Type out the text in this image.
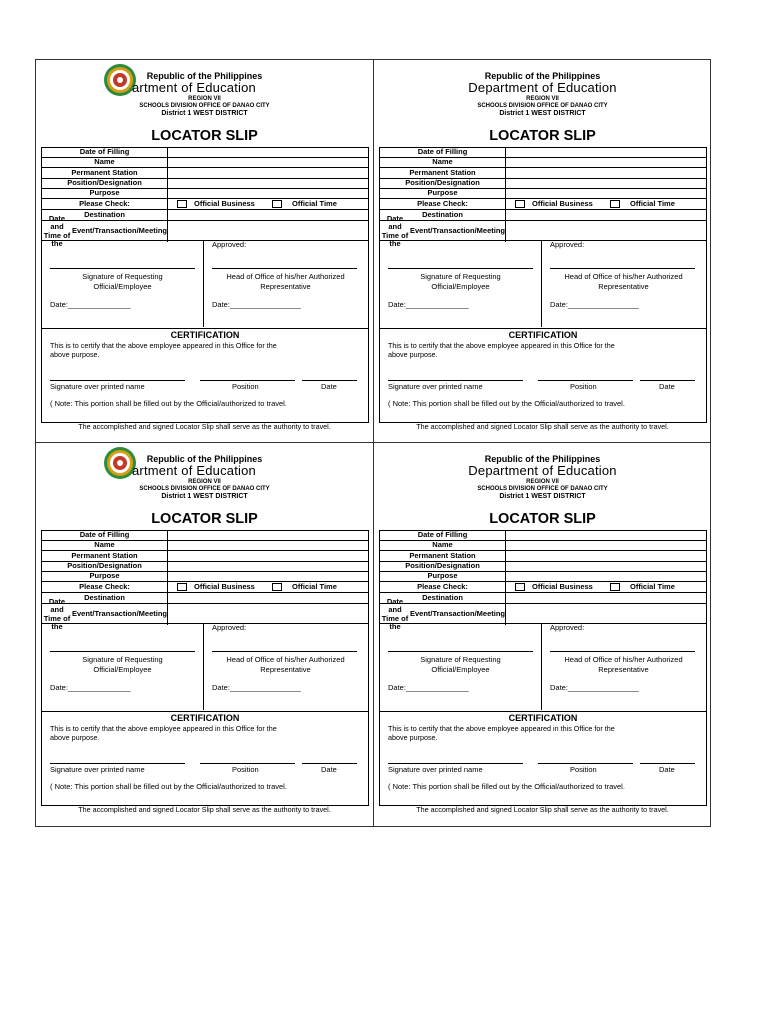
Republic of the Philippines
artment of Education
REGION VII
SCHOOLS DIVISION OFFICE OF DANAO CITY
District 1 WEST DISTRICT
LOCATOR SLIP
Date of Filling
Name
Permanent Station
Position/Designation
Purpose
Please Check:	Official Business	Official Time
Destination
Date and Time of the

Event/Transaction/Meeting
Approved:
Signature of Requesting
Official/Employee
Head of Office of his/her Authorized
Representative
Date:_______________	Date:_________________
CERTIFICATION
This is to certify that the above employee appeared in this Office for the
above purpose.
Signature over printed name	Position	Date
( Note: This portion shall be filled out by the Official/authorized to travel.
The accomplished and signed Locator Slip shall serve as the authority to travel.
Republic of the Philippines
Department of Education
REGION VII
SCHOOLS DIVISION OFFICE OF DANAO CITY
District 1 WEST DISTRICT
LOCATOR SLIP
Date of Filling
Name
Permanent Station
Position/Designation
Purpose
Please Check:	Official Business	Official Time
Destination
Date and Time of the

Event/Transaction/Meeting
Approved:
Signature of Requesting
Official/Employee
Head of Office of his/her Authorized
Representative
Date:_______________	Date:_________________
CERTIFICATION
This is to certify that the above employee appeared in this Office for the
above purpose.
Signature over printed name	Position	Date
( Note: This portion shall be filled out by the Official/authorized to travel.
The accomplished and signed Locator Slip shall serve as the authority to travel.
Republic of the Philippines
artment of Education
REGION VII
SCHOOLS DIVISION OFFICE OF DANAO CITY
District 1 WEST DISTRICT
LOCATOR SLIP
Date of Filling
Name
Permanent Station
Position/Designation
Purpose
Please Check:	Official Business	Official Time
Destination
Date and Time of the

Event/Transaction/Meeting
Approved:
Signature of Requesting
Official/Employee
Head of Office of his/her Authorized
Representative
Date:_______________	Date:_________________
CERTIFICATION
This is to certify that the above employee appeared in this Office for the
above purpose.
Signature over printed name	Position	Date
( Note: This portion shall be filled out by the Official/authorized to travel.
The accomplished and signed Locator Slip shall serve as the authority to travel.
Republic of the Philippines
Department of Education
REGION VII
SCHOOLS DIVISION OFFICE OF DANAO CITY
District 1 WEST DISTRICT
LOCATOR SLIP
Date of Filling
Name
Permanent Station
Position/Designation
Purpose
Please Check:	Official Business	Official Time
Destination
Date and Time of the

Event/Transaction/Meeting
Approved:
Signature of Requesting
Official/Employee
Head of Office of his/her Authorized
Representative
Date:_______________	Date:_________________
CERTIFICATION
This is to certify that the above employee appeared in this Office for the
above purpose.
Signature over printed name	Position	Date
( Note: This portion shall be filled out by the Official/authorized to travel.
The accomplished and signed Locator Slip shall serve as the authority to travel.
